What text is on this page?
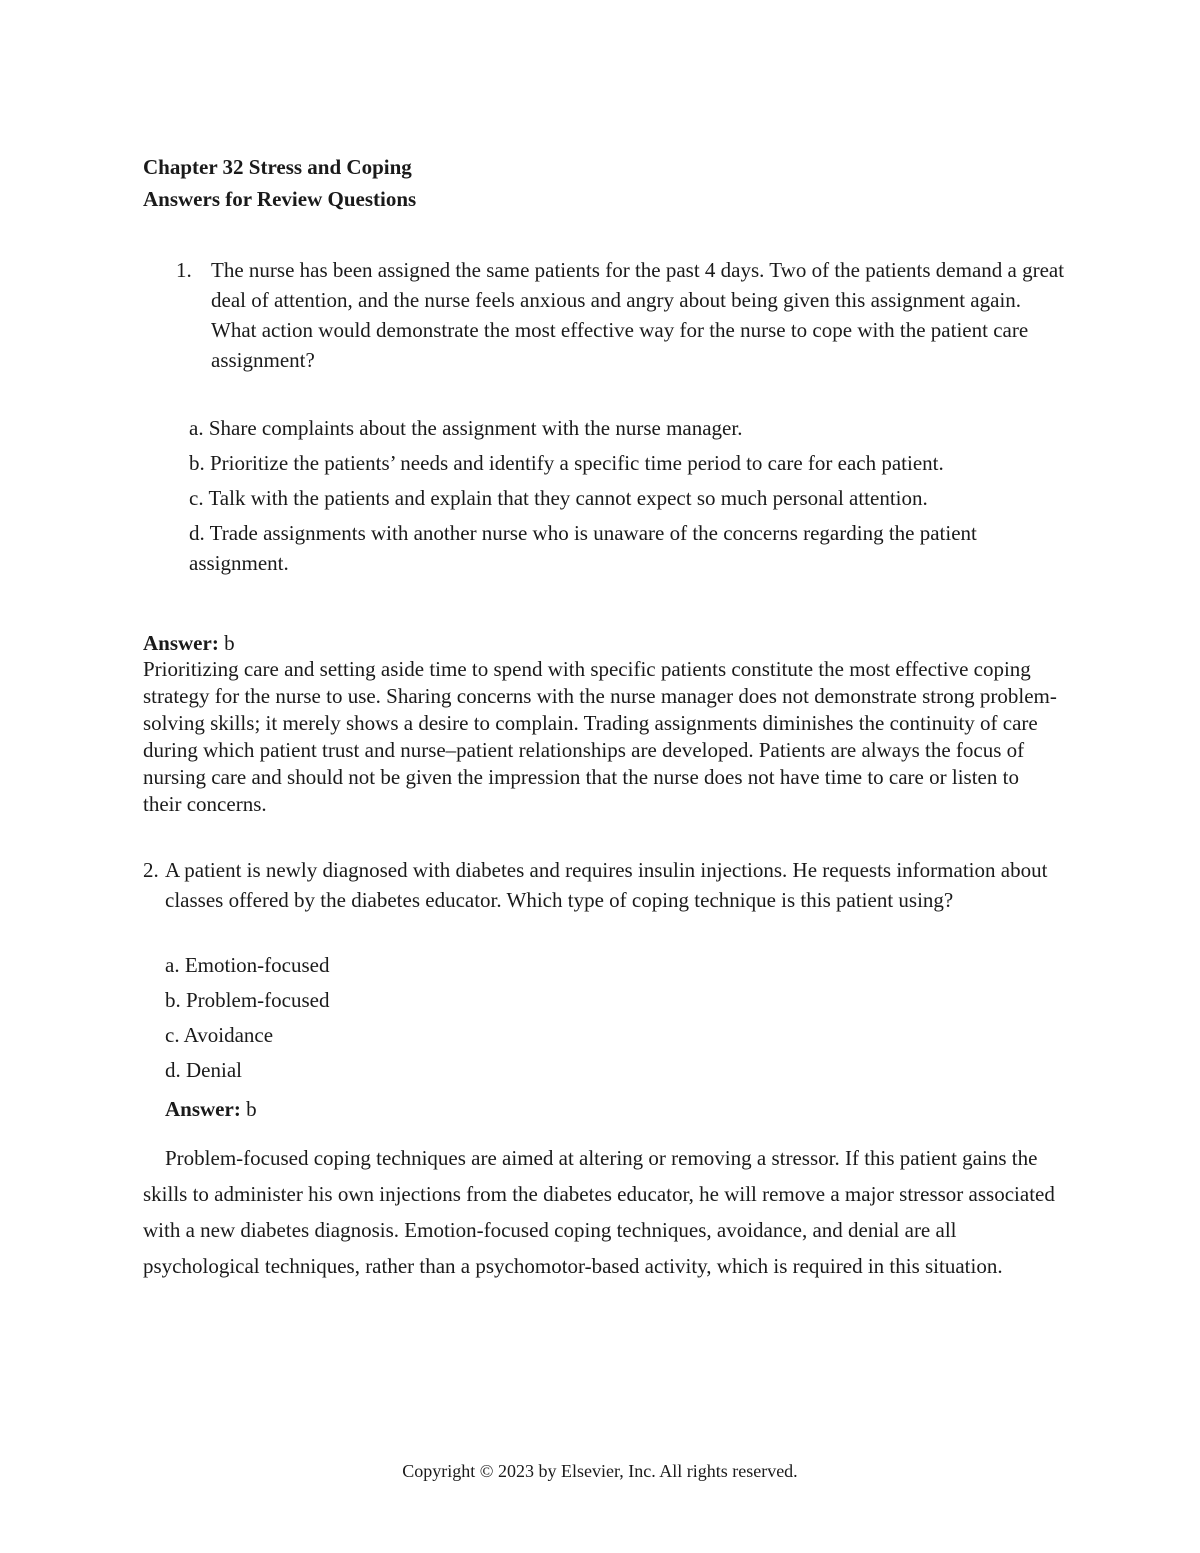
Chapter 32 Stress and Coping
Answers for Review Questions
1. The nurse has been assigned the same patients for the past 4 days. Two of the patients demand a great deal of attention, and the nurse feels anxious and angry about being given this assignment again. What action would demonstrate the most effective way for the nurse to cope with the patient care assignment?
a. Share complaints about the assignment with the nurse manager.
b. Prioritize the patients’ needs and identify a specific time period to care for each patient.
c. Talk with the patients and explain that they cannot expect so much personal attention.
d. Trade assignments with another nurse who is unaware of the concerns regarding the patient assignment.
Answer: b
Prioritizing care and setting aside time to spend with specific patients constitute the most effective coping strategy for the nurse to use. Sharing concerns with the nurse manager does not demonstrate strong problem-solving skills; it merely shows a desire to complain. Trading assignments diminishes the continuity of care during which patient trust and nurse–patient relationships are developed. Patients are always the focus of nursing care and should not be given the impression that the nurse does not have time to care or listen to their concerns.
2. A patient is newly diagnosed with diabetes and requires insulin injections. He requests information about classes offered by the diabetes educator. Which type of coping technique is this patient using?
a. Emotion-focused
b. Problem-focused
c. Avoidance
d. Denial
Answer: b
Problem-focused coping techniques are aimed at altering or removing a stressor. If this patient gains the skills to administer his own injections from the diabetes educator, he will remove a major stressor associated with a new diabetes diagnosis. Emotion-focused coping techniques, avoidance, and denial are all psychological techniques, rather than a psychomotor-based activity, which is required in this situation.
Copyright © 2023 by Elsevier, Inc. All rights reserved.
